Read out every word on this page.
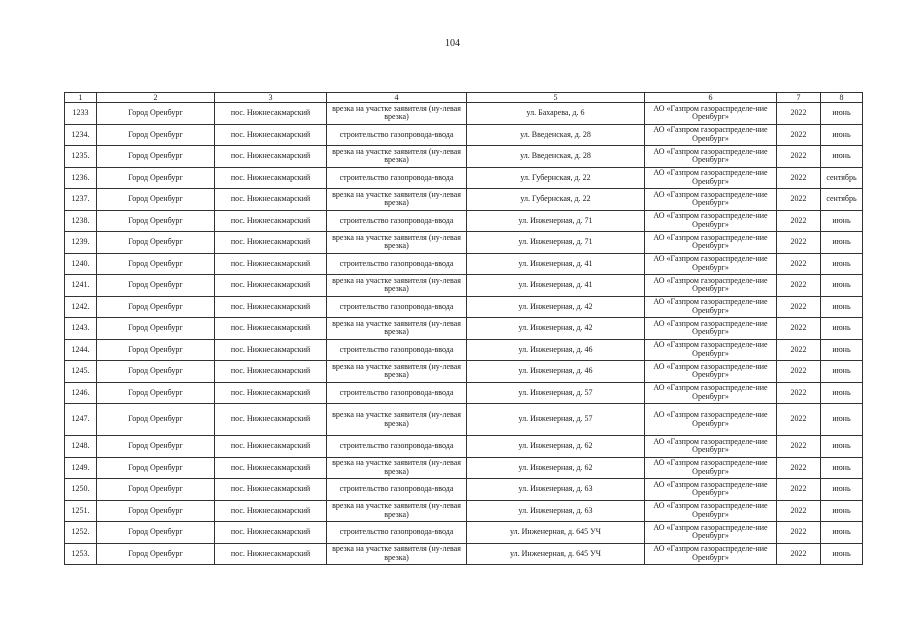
104
1	2	3	4	5	6	7	8
1233	Город Оренбург	пос. Нижнесакмарский	врезка на участке заявителя (ну-левая врезка)	ул. Бахарева, д. 6	АО «Газпром газораспределе-ние Оренбург»	2022	июнь
1234.	Город Оренбург	пос. Нижнесакмарский	строительство газопровода-ввода	ул. Введенская, д. 28	АО «Газпром газораспределе-ние Оренбург»	2022	июнь
1235.	Город Оренбург	пос. Нижнесакмарский	врезка на участке заявителя (ну-левая врезка)	ул. Введенская, д. 28	АО «Газпром газораспределе-ние Оренбург»	2022	июнь
1236.	Город Оренбург	пос. Нижнесакмарский	строительство газопровода-ввода	ул. Губернская, д. 22	АО «Газпром газораспределе-ние Оренбург»	2022	сентябрь
1237.	Город Оренбург	пос. Нижнесакмарский	врезка на участке заявителя (ну-левая врезка)	ул. Губернская, д. 22	АО «Газпром газораспределе-ние Оренбург»	2022	сентябрь
1238.	Город Оренбург	пос. Нижнесакмарский	строительство газопровода-ввода	ул. Инженерная, д. 71	АО «Газпром газораспределе-ние Оренбург»	2022	июнь
1239.	Город Оренбург	пос. Нижнесакмарский	врезка на участке заявителя (ну-левая врезка)	ул. Инженерная, д. 71	АО «Газпром газораспределе-ние Оренбург»	2022	июнь
1240.	Город Оренбург	пос. Нижнесакмарский	строительство газопровода-ввода	ул. Инженерная, д. 41	АО «Газпром газораспределе-ние Оренбург»	2022	июнь
1241.	Город Оренбург	пос. Нижнесакмарский	врезка на участке заявителя (ну-левая врезка)	ул. Инженерная, д. 41	АО «Газпром газораспределе-ние Оренбург»	2022	июнь
1242.	Город Оренбург	пос. Нижнесакмарский	строительство газопровода-ввода	ул. Инженерная, д. 42	АО «Газпром газораспределе-ние Оренбург»	2022	июнь
1243.	Город Оренбург	пос. Нижнесакмарский	врезка на участке заявителя (ну-левая врезка)	ул. Инженерная, д. 42	АО «Газпром газораспределе-ние Оренбург»	2022	июнь
1244.	Город Оренбург	пос. Нижнесакмарский	строительство газопровода-ввода	ул. Инженерная, д. 46	АО «Газпром газораспределе-ние Оренбург»	2022	июнь
1245.	Город Оренбург	пос. Нижнесакмарский	врезка на участке заявителя (ну-левая врезка)	ул. Инженерная, д. 46	АО «Газпром газораспределе-ние Оренбург»	2022	июнь
1246.	Город Оренбург	пос. Нижнесакмарский	строительство газопровода-ввода	ул. Инженерная, д. 57	АО «Газпром газораспределе-ние Оренбург»	2022	июнь
1247.	Город Оренбург	пос. Нижнесакмарский	врезка на участке заявителя (ну-левая врезка)	ул. Инженерная, д. 57	АО «Газпром газораспределе-ние Оренбург»	2022	июнь
1248.	Город Оренбург	пос. Нижнесакмарский	строительство газопровода-ввода	ул. Инженерная, д. 62	АО «Газпром газораспределе-ние Оренбург»	2022	июнь
1249.	Город Оренбург	пос. Нижнесакмарский	врезка на участке заявителя (ну-левая врезка)	ул. Инженерная, д. 62	АО «Газпром газораспределе-ние Оренбург»	2022	июнь
1250.	Город Оренбург	пос. Нижнесакмарский	строительство газопровода-ввода	ул. Инженерная, д. 63	АО «Газпром газораспределе-ние Оренбург»	2022	июнь
1251.	Город Оренбург	пос. Нижнесакмарский	врезка на участке заявителя (ну-левая врезка)	ул. Инженерная, д. 63	АО «Газпром газораспределе-ние Оренбург»	2022	июнь
1252.	Город Оренбург	пос. Нижнесакмарский	строительство газопровода-ввода	ул. Инженерная, д. 645 УЧ	АО «Газпром газораспределе-ние Оренбург»	2022	июнь
1253.	Город Оренбург	пос. Нижнесакмарский	врезка на участке заявителя (ну-левая врезка)	ул. Инженерная, д. 645 УЧ	АО «Газпром газораспределе-ние Оренбург»	2022	июнь
